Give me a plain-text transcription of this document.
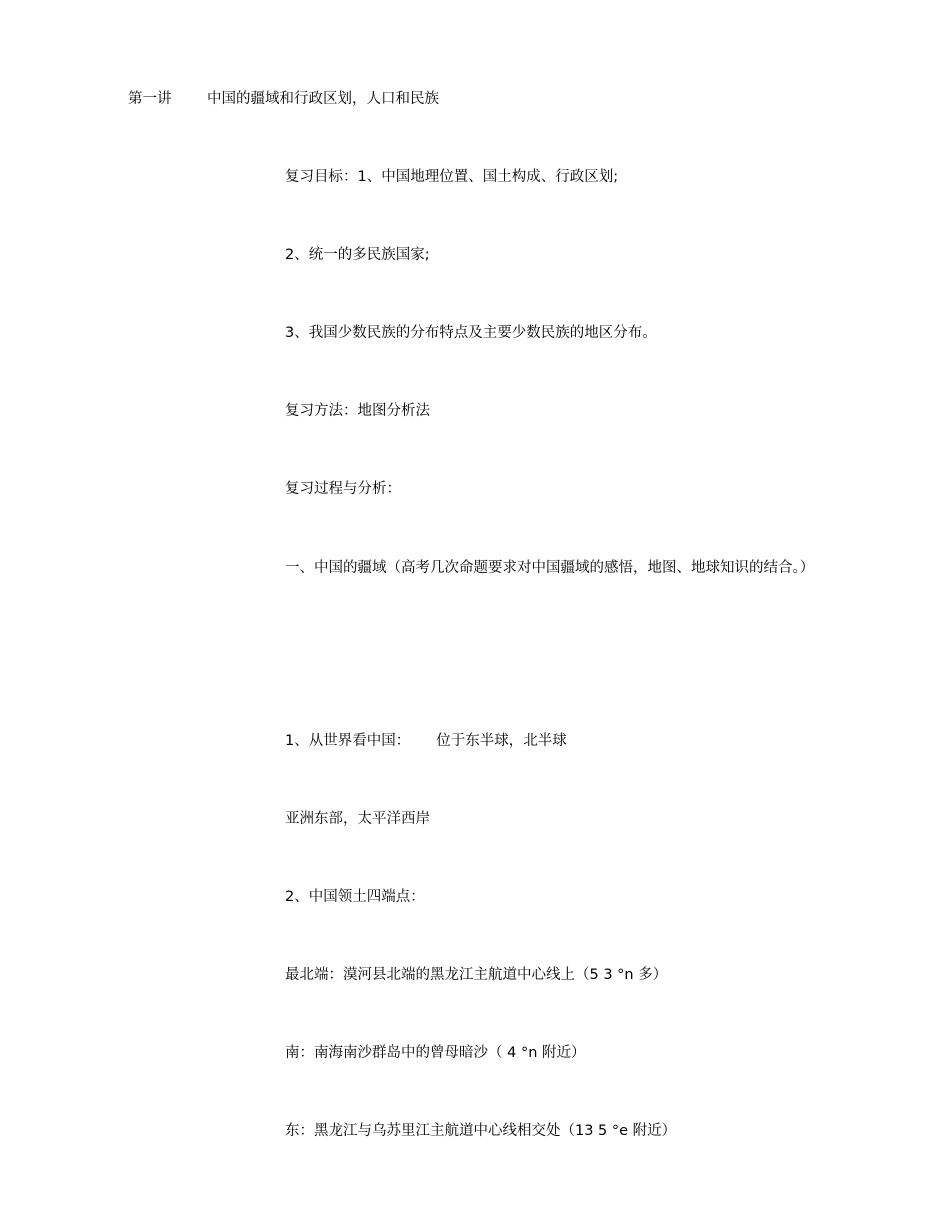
第一讲 中国的疆域和行政区划，人口和民族
复习目标：1、中国地理位置、国土构成、行政区划;
2、统一的多民族国家;
3、我国少数民族的分布特点及主要少数民族的地区分布。
复习方法：地图分析法
复习过程与分析：
一、中国的疆域（高考几次命题要求对中国疆域的感悟，地图、地球知识的结合。）
1、从世界看中国： 位于东半球，北半球
亚洲东部，太平洋西岸
2、中国领土四端点：
最北端：漠河县北端的黑龙江主航道中心线上（5 3 °n 多）
南：南海南沙群岛中的曾母暗沙（ 4 °n 附近）
东：黑龙江与乌苏里江主航道中心线相交处（13 5 °e 附近）
